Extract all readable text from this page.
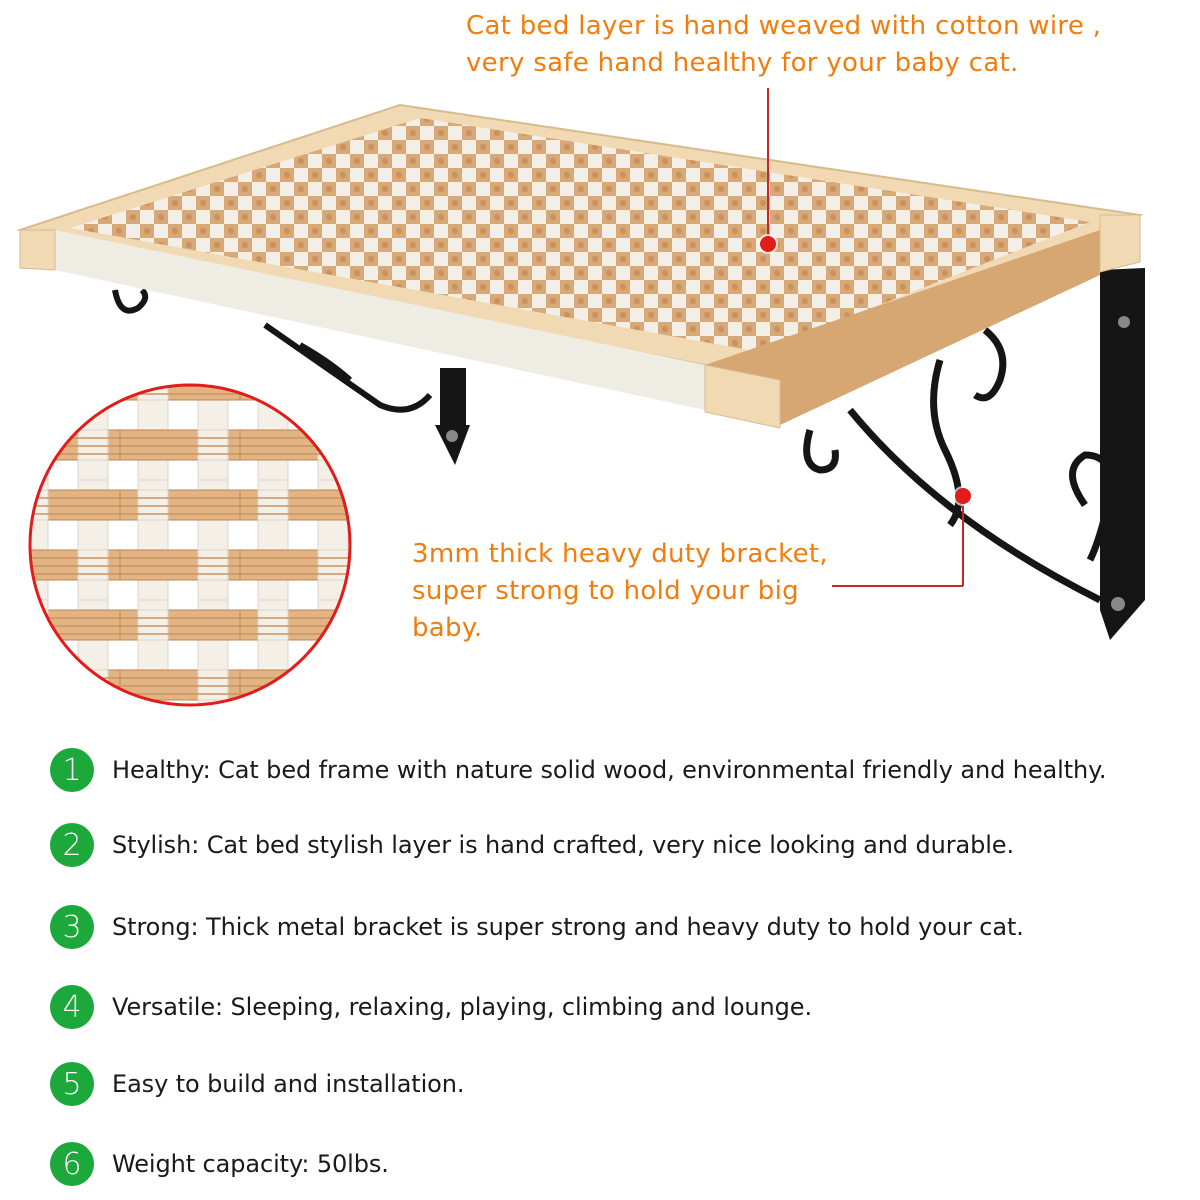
Cat bed layer is hand weaved with cotton wire ,
very safe hand healthy for your baby cat.
3mm thick heavy duty bracket,
super strong to hold your big
baby.
1	Healthy: Cat bed frame with nature solid wood, environmental friendly and healthy.
2	Stylish: Cat bed stylish layer is hand crafted, very nice looking and durable.
3	Strong: Thick metal bracket is super strong and heavy duty to hold your cat.
4	Versatile: Sleeping, relaxing, playing, climbing and lounge.
5	Easy to build and installation.
6	Weight capacity: 50lbs.
